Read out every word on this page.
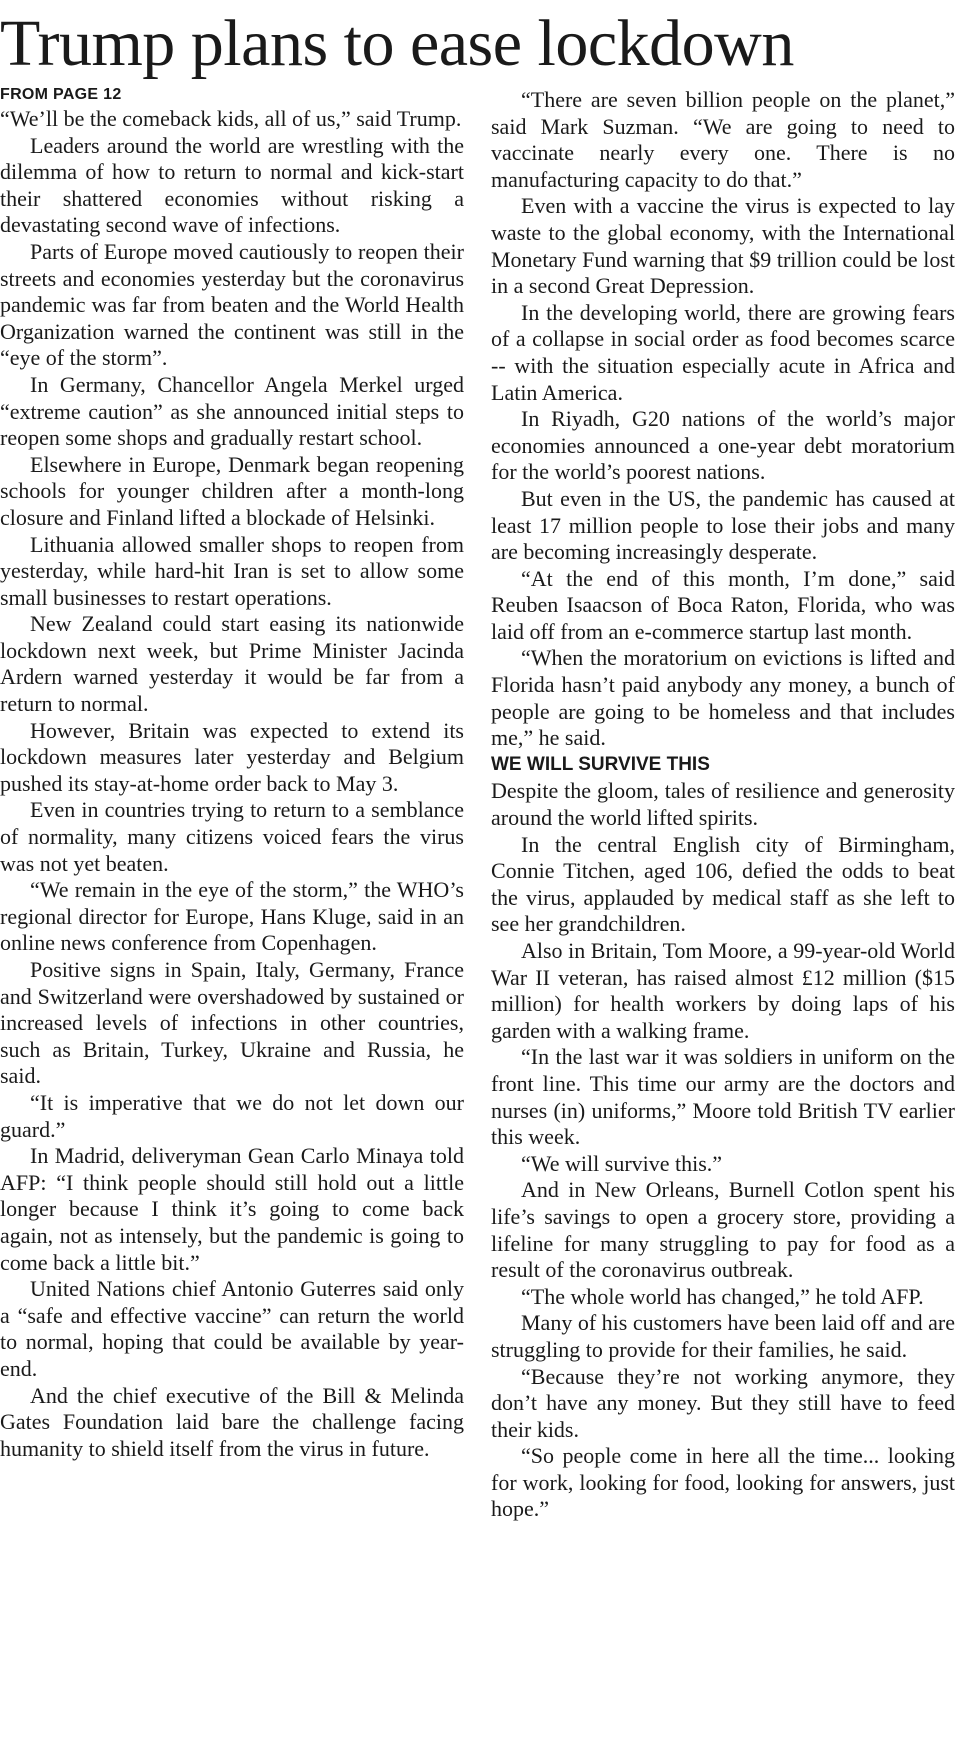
Trump plans to ease lockdown
FROM PAGE 12

“We’ll be the comeback kids, all of us,” said Trump.

Leaders around the world are wrestling with the dilemma of how to return to normal and kick-start their shattered economies without risking a devastating second wave of infections.

Parts of Europe moved cautiously to reopen their streets and economies yesterday but the coronavirus pandemic was far from beaten and the World Health Organization warned the continent was still in the “eye of the storm”.

In Germany, Chancellor Angela Merkel urged “extreme caution” as she announced initial steps to reopen some shops and gradually restart school.

Elsewhere in Europe, Denmark began reopening schools for younger children after a month-long closure and Finland lifted a blockade of Helsinki.

Lithuania allowed smaller shops to reopen from yesterday, while hard-hit Iran is set to allow some small businesses to restart operations.

New Zealand could start easing its nationwide lockdown next week, but Prime Minister Jacinda Ardern warned yesterday it would be far from a return to normal.

However, Britain was expected to extend its lockdown measures later yesterday and Belgium pushed its stay-at-home order back to May 3.

Even in countries trying to return to a semblance of normality, many citizens voiced fears the virus was not yet beaten.

“We remain in the eye of the storm,” the WHO’s regional director for Europe, Hans Kluge, said in an online news conference from Copenhagen.

Positive signs in Spain, Italy, Germany, France and Switzerland were overshadowed by sustained or increased levels of infections in other countries, such as Britain, Turkey, Ukraine and Russia, he said.

“It is imperative that we do not let down our guard.”

In Madrid, deliveryman Gean Carlo Minaya told AFP: “I think people should still hold out a little longer because I think it’s going to come back again, not as intensely, but the pandemic is going to come back a little bit.”

United Nations chief Antonio Guterres said only a “safe and effective vaccine” can return the world to normal, hoping that could be available by year-end.

And the chief executive of the Bill & Melinda Gates Foundation laid bare the challenge facing humanity to shield itself from the virus in future.

“There are seven billion people on the planet,” said Mark Suzman. “We are going to need to vaccinate nearly every one. There is no manufacturing capacity to do that.”

Even with a vaccine the virus is expected to lay waste to the global economy, with the International Monetary Fund warning that $9 trillion could be lost in a second Great Depression.

In the developing world, there are growing fears of a collapse in social order as food becomes scarce -- with the situation especially acute in Africa and Latin America.

In Riyadh, G20 nations of the world’s major economies announced a one-year debt moratorium for the world’s poorest nations.

But even in the US, the pandemic has caused at least 17 million people to lose their jobs and many are becoming increasingly desperate.

“At the end of this month, I’m done,” said Reuben Isaacson of Boca Raton, Florida, who was laid off from an e-commerce startup last month.

“When the moratorium on evictions is lifted and Florida hasn’t paid anybody any money, a bunch of people are going to be homeless and that includes me,” he said.

WE WILL SURVIVE THIS

Despite the gloom, tales of resilience and generosity around the world lifted spirits.

In the central English city of Birmingham, Connie Titchen, aged 106, defied the odds to beat the virus, applauded by medical staff as she left to see her grandchildren.

Also in Britain, Tom Moore, a 99-year-old World War II veteran, has raised almost £12 million ($15 million) for health workers by doing laps of his garden with a walking frame.

“In the last war it was soldiers in uniform on the front line. This time our army are the doctors and nurses (in) uniforms,” Moore told British TV earlier this week.

“We will survive this.”

And in New Orleans, Burnell Cotlon spent his life’s savings to open a grocery store, providing a lifeline for many struggling to pay for food as a result of the coronavirus outbreak.

“The whole world has changed,” he told AFP.

Many of his customers have been laid off and are struggling to provide for their families, he said.

“Because they’re not working anymore, they don’t have any money. But they still have to feed their kids.

“So people come in here all the time... looking for work, looking for food, looking for answers, just hope.”
